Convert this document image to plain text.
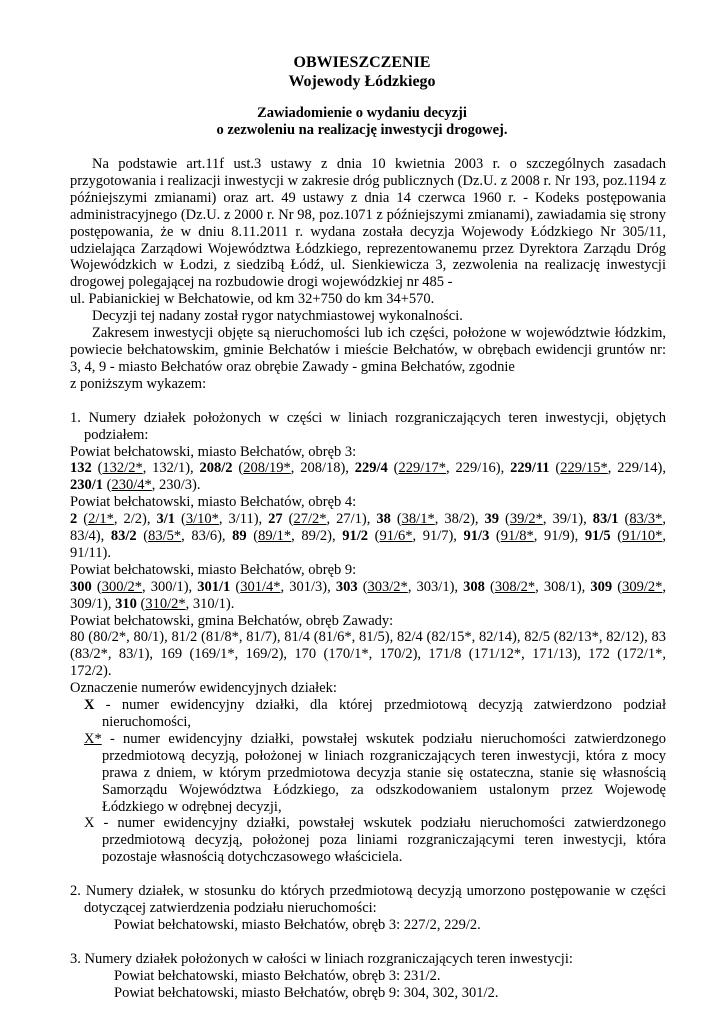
OBWIESZCZENIE
Wojewody Łódzkiego
Zawiadomienie o wydaniu decyzji
o zezwoleniu na realizację inwestycji drogowej.

Na podstawie art.11f ust.3 ustawy z dnia 10 kwietnia 2003 r. o szczególnych zasadach przygotowania i realizacji inwestycji w zakresie dróg publicznych (Dz.U. z 2008 r. Nr 193, poz.1194 z późniejszymi zmianami) oraz art. 49 ustawy z dnia 14 czerwca 1960 r. - Kodeks postępowania administracyjnego (Dz.U. z 2000 r. Nr 98, poz.1071 z późniejszymi zmianami), zawiadamia się strony postępowania, że w dniu 8.11.2011 r. wydana została decyzja Wojewody Łódzkiego Nr 305/11, udzielająca Zarządowi Województwa Łódzkiego, reprezentowanemu przez Dyrektora Zarządu Dróg Wojewódzkich w Łodzi, z siedzibą Łódź, ul. Sienkiewicza 3, zezwolenia na realizację inwestycji drogowej polegającej na rozbudowie drogi wojewódzkiej nr 485 -

ul. Pabianickiej w Bełchatowie, od km 32+750 do km 34+570.

Decyzji tej nadany został rygor natychmiastowej wykonalności.

Zakresem inwestycji objęte są nieruchomości lub ich części, położone w województwie łódzkim, powiecie bełchatowskim, gminie Bełchatów i mieście Bełchatów, w obrębach ewidencji gruntów nr: 3, 4, 9 - miasto Bełchatów oraz obrębie Zawady - gmina Bełchatów, zgodnie

z poniższym wykazem:

1. Numery działek położonych w części w liniach rozgraniczających teren inwestycji, objętych podziałem:

Powiat bełchatowski, miasto Bełchatów, obręb 3:

132 (132/2*, 132/1), 208/2 (208/19*, 208/18), 229/4 (229/17*, 229/16), 229/11 (229/15*, 229/14), 230/1 (230/4*, 230/3).

Powiat bełchatowski, miasto Bełchatów, obręb 4:

2 (2/1*, 2/2), 3/1 (3/10*, 3/11), 27 (27/2*, 27/1), 38 (38/1*, 38/2), 39 (39/2*, 39/1), 83/1 (83/3*, 83/4), 83/2 (83/5*, 83/6), 89 (89/1*, 89/2), 91/2 (91/6*, 91/7), 91/3 (91/8*, 91/9), 91/5 (91/10*, 91/11).

Powiat bełchatowski, miasto Bełchatów, obręb 9:

300 (300/2*, 300/1), 301/1 (301/4*, 301/3), 303 (303/2*, 303/1), 308 (308/2*, 308/1), 309 (309/2*, 309/1), 310 (310/2*, 310/1).

Powiat bełchatowski, gmina Bełchatów, obręb Zawady:

80 (80/2*, 80/1), 81/2 (81/8*, 81/7), 81/4 (81/6*, 81/5), 82/4 (82/15*, 82/14), 82/5 (82/13*, 82/12), 83 (83/2*, 83/1), 169 (169/1*, 169/2), 170 (170/1*, 170/2), 171/8 (171/12*, 171/13), 172 (172/1*, 172/2).

Oznaczenie numerów ewidencyjnych działek:

X - numer ewidencyjny działki, dla której przedmiotową decyzją zatwierdzono podział nieruchomości,

X* - numer ewidencyjny działki, powstałej wskutek podziału nieruchomości zatwierdzonego przedmiotową decyzją, położonej w liniach rozgraniczających teren inwestycji, która z mocy prawa z dniem, w którym przedmiotowa decyzja stanie się ostateczna, stanie się własnością Samorządu Województwa Łódzkiego, za odszkodowaniem ustalonym przez Wojewodę Łódzkiego w odrębnej decyzji,

X - numer ewidencyjny działki, powstałej wskutek podziału nieruchomości zatwierdzonego przedmiotową decyzją, położonej poza liniami rozgraniczającymi teren inwestycji, która pozostaje własnością dotychczasowego właściciela.

2. Numery działek, w stosunku do których przedmiotową decyzją umorzono postępowanie w części dotyczącej zatwierdzenia podziału nieruchomości:

Powiat bełchatowski, miasto Bełchatów, obręb 3: 227/2, 229/2.

3. Numery działek położonych w całości w liniach rozgraniczających teren inwestycji:

Powiat bełchatowski, miasto Bełchatów, obręb 3: 231/2.

Powiat bełchatowski, miasto Bełchatów, obręb 9: 304, 302, 301/2.
